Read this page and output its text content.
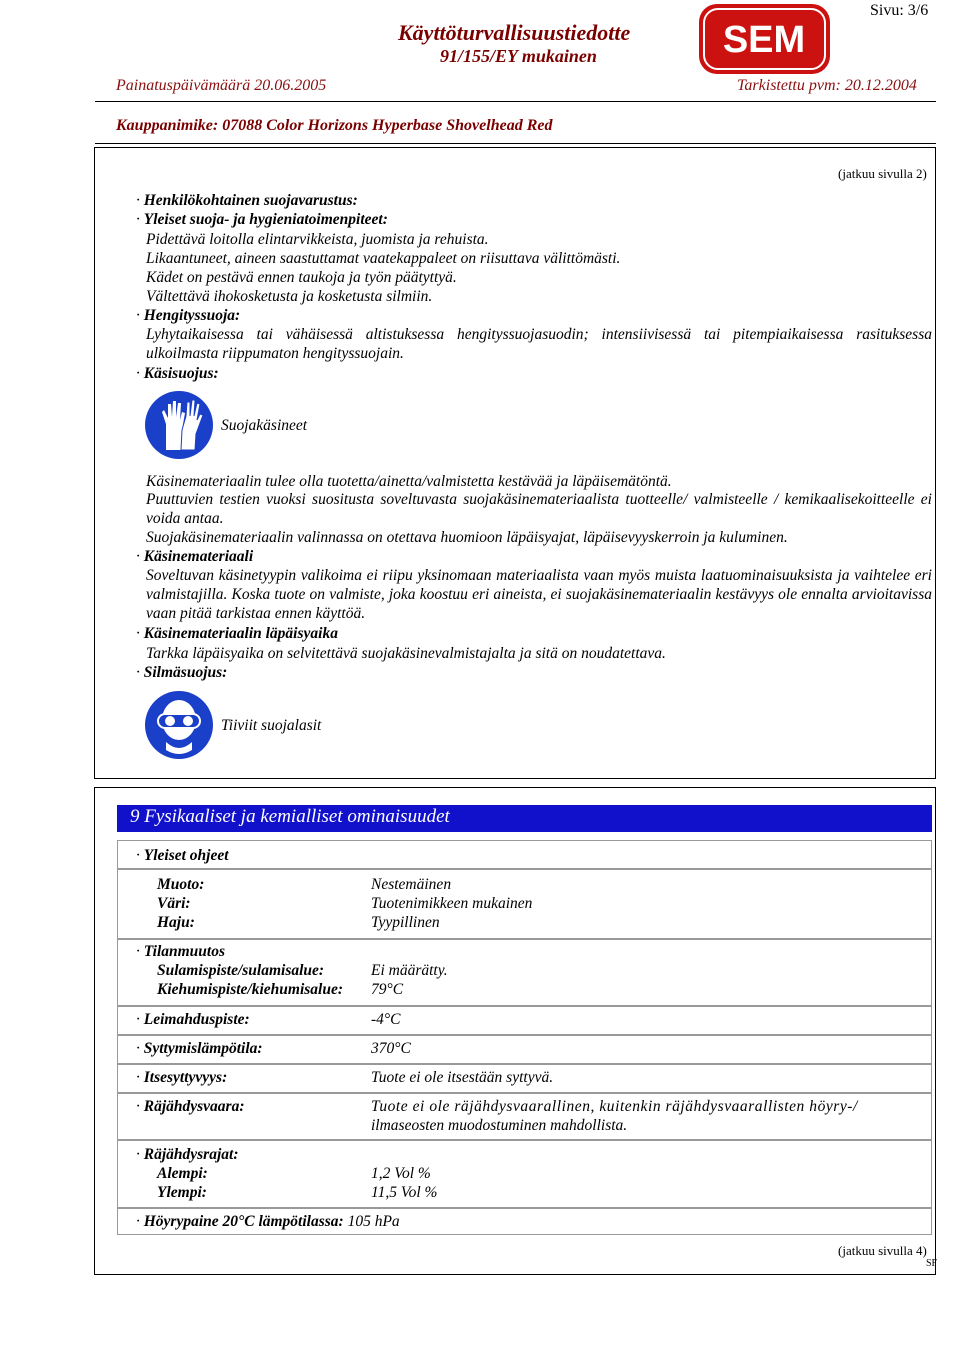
Käyttöturvallisuustiedotte
91/155/EY mukainen
Sivu: 3/6
SEM
Painatuspäivämäärä 20.06.2005	Tarkistettu pvm: 20.12.2004
Kauppanimike: 07088 Color Horizons Hyperbase Shovelhead Red
(jatkuu sivulla 2)
· Henkilökohtainen suojavarustus:
· Yleiset suoja- ja hygieniatoimenpiteet:
Pidettävä loitolla elintarvikkeista, juomista ja rehuista.
Likaantuneet, aineen saastuttamat vaatekappaleet on riisuttava välittömästi.
Kädet on pestävä ennen taukoja ja työn päätyttyä.
Vältettävä ihokosketusta ja kosketusta silmiin.
· Hengityssuoja:
Lyhytaikaisessa tai vähäisessä altistuksessa hengityssuojasuodin; intensiivisessä tai pitempiaikaisessa rasituksessa ulkoilmasta riippumaton hengityssuojain.
· Käsisuojus:
Suojakäsineet
Käsinemateriaalin tulee olla tuotetta/ainetta/valmistetta kestävää ja läpäisemätöntä.
Puuttuvien testien vuoksi suositusta soveltuvasta suojakäsinemateriaalista tuotteelle/ valmisteelle / kemikaalisekoitteelle ei voida antaa.
Suojakäsinemateriaalin valinnassa on otettava huomioon läpäisyajat, läpäisevyyskerroin ja kuluminen.
· Käsinemateriaali
Soveltuvan käsinetyypin valikoima ei riipu yksinomaan materiaalista vaan myös muista laatuominaisuuksista ja vaihtelee eri valmistajilla. Koska tuote on valmiste, joka koostuu eri aineista, ei suojakäsinemateriaalin kestävyys ole ennalta arvioitavissa vaan pitää tarkistaa ennen käyttöä.
· Käsinemateriaalin läpäisyaika
Tarkka läpäisyaika on selvitettävä suojakäsinevalmistajalta ja sitä on noudatettava.
· Silmäsuojus:
Tiiviit suojalasit
9 Fysikaaliset ja kemialliset ominaisuudet
· Yleiset ohjeet
Muoto:	Nestemäinen
Väri:	Tuotenimikkeen mukainen
Haju:	Tyypillinen
· Tilanmuutos
Sulamispiste/sulamisalue:	Ei määrätty.
Kiehumispiste/kiehumisalue: 79°C
· Leimahduspiste:	-4°C
· Syttymislämpötila:	370°C
· Itsesyttyvyys:	Tuote ei ole itsestään syttyvä.
· Räjähdysvaara:	Tuote ei ole räjähdysvaarallinen, kuitenkin räjähdysvaarallisten höyry-/
ilmaseosten muodostuminen mahdollista.
· Räjähdysrajat:
Alempi:	1,2 Vol %
Ylempi:	11,5 Vol %
· Höyrypaine 20°C lämpötilassa: 105 hPa
(jatkuu sivulla 4)
SF
